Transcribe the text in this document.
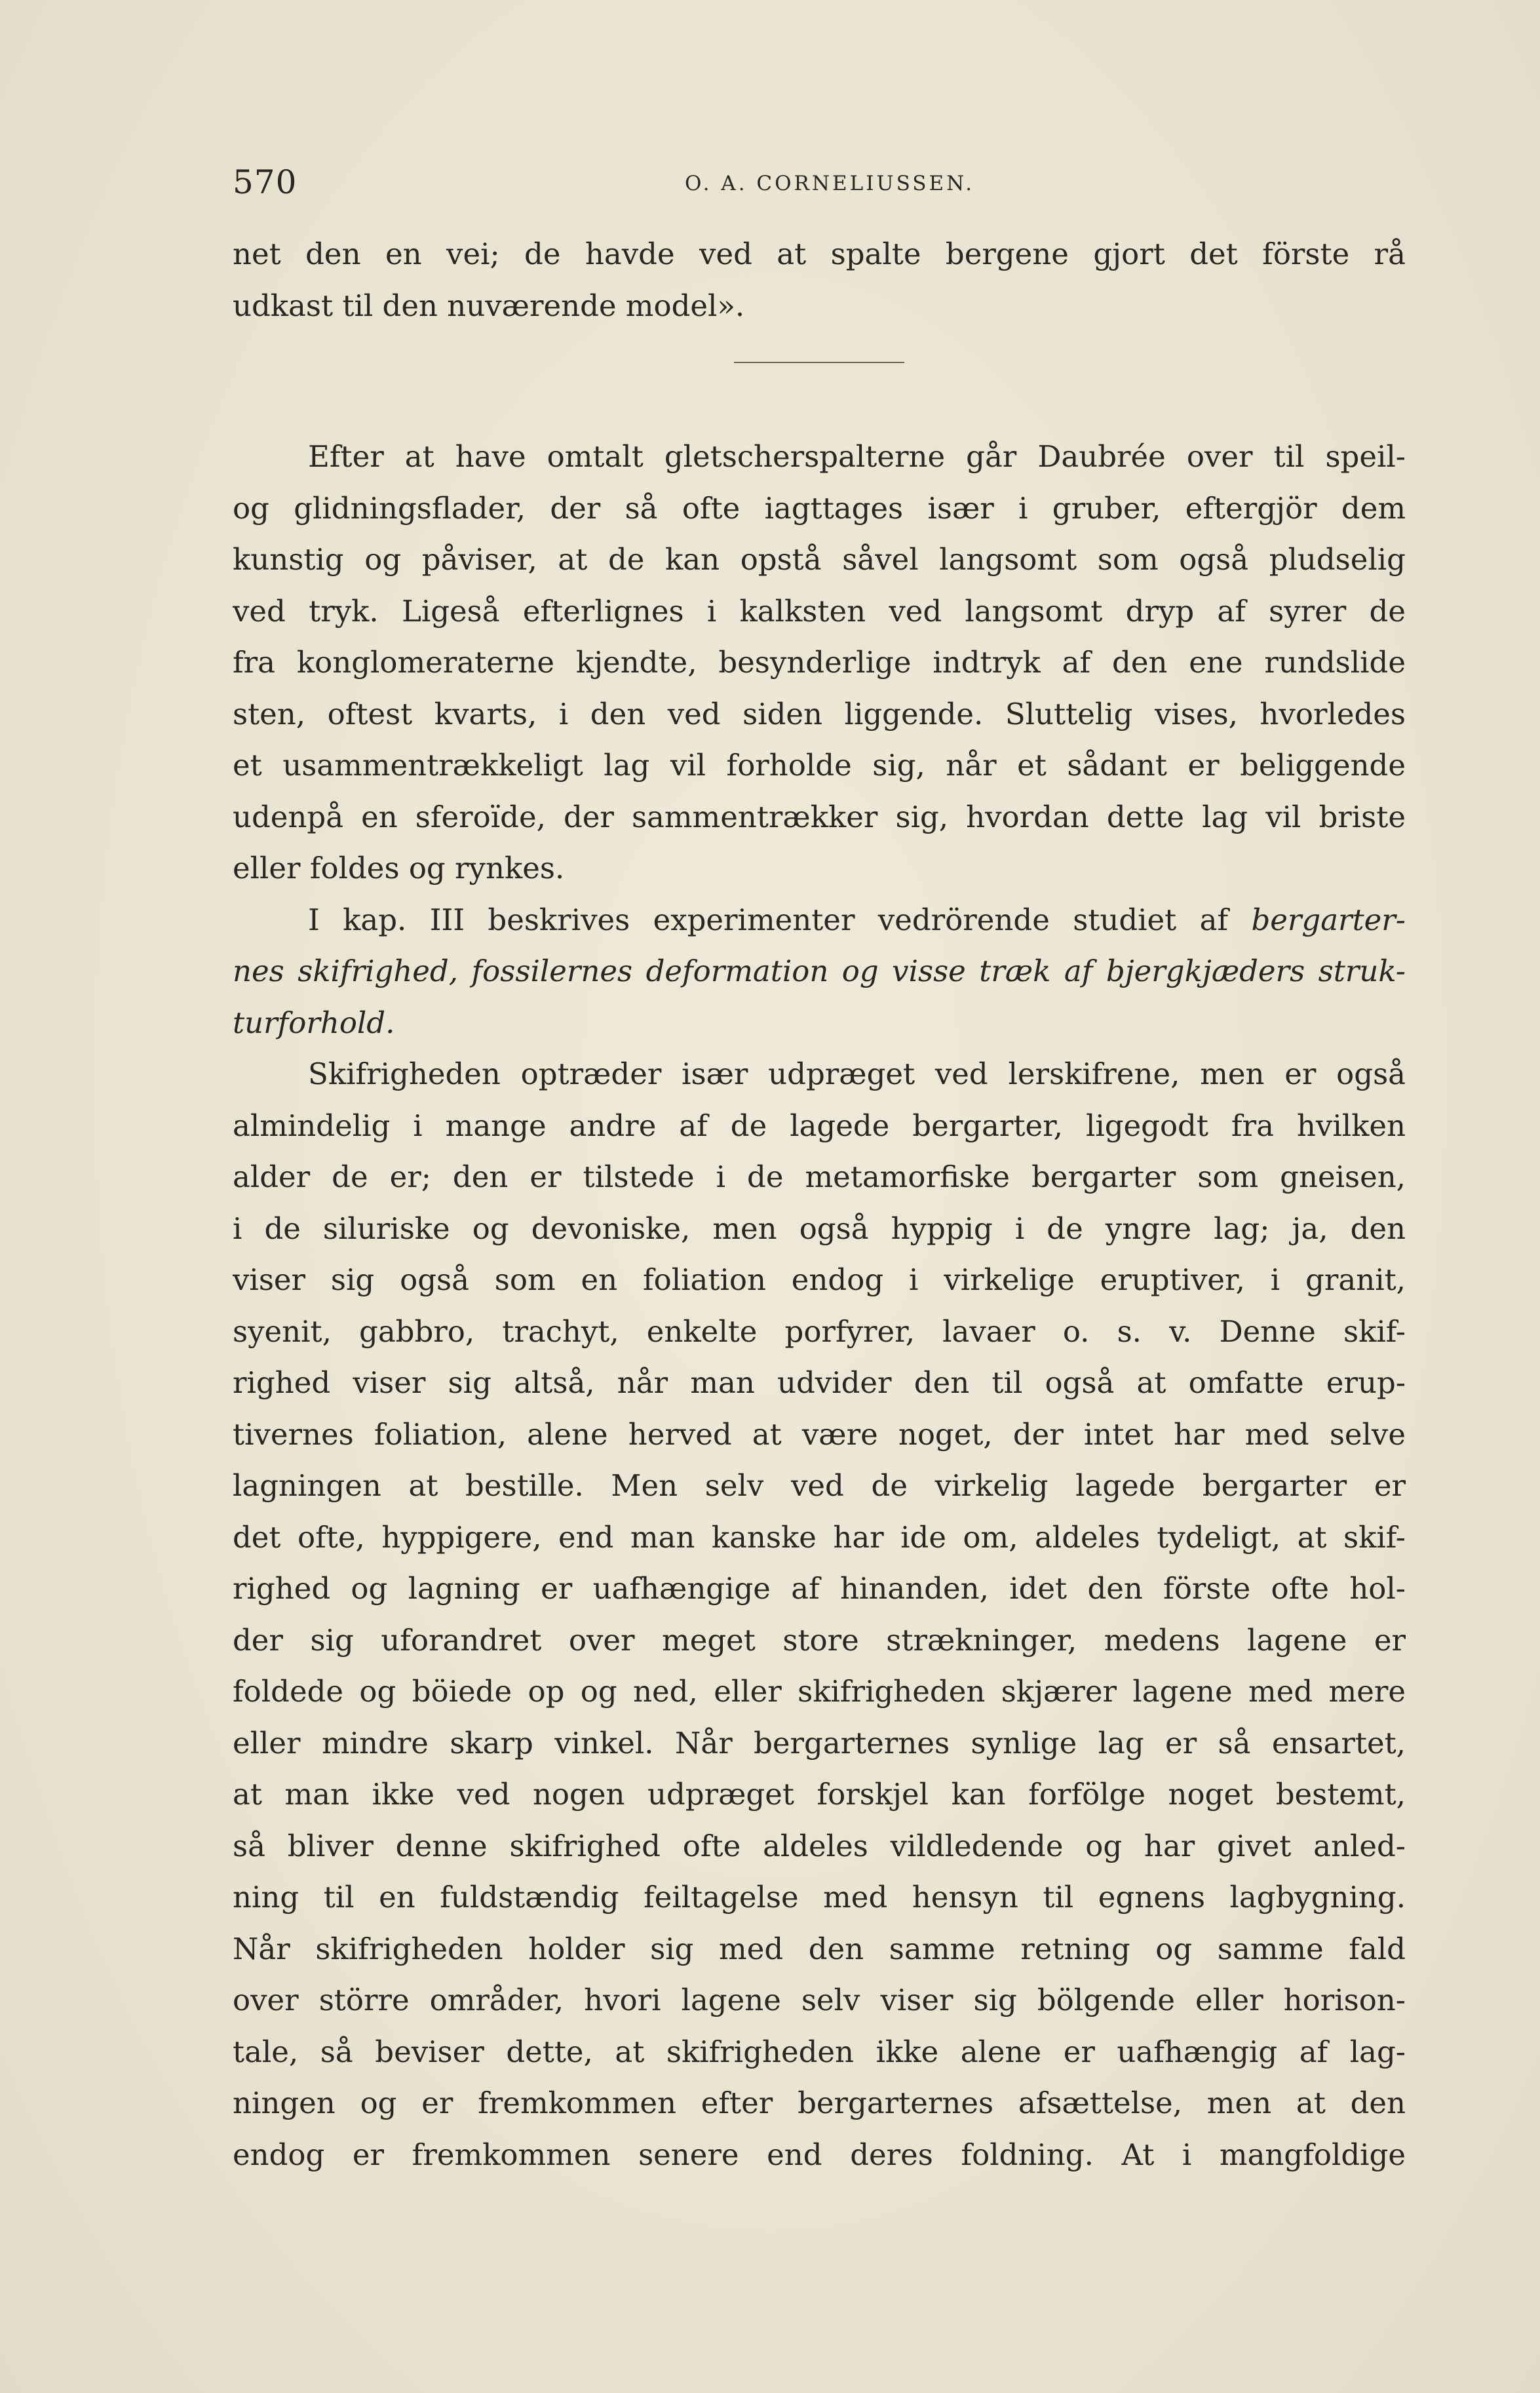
570	O. A. CORNELIUSSEN.
net den en vei; de havde ved at spalte bergene gjort det förste rå
udkast til den nuværende model».
Efter at have omtalt gletscherspalterne går Daubrée over til speil-
og glidningsflader, der så ofte iagttages især i gruber, eftergjör dem
kunstig og påviser, at de kan opstå såvel langsomt som også pludselig
ved tryk. Ligeså efterlignes i kalksten ved langsomt dryp af syrer de
fra konglomeraterne kjendte, besynderlige indtryk af den ene rundslide
sten, oftest kvarts, i den ved siden liggende. Sluttelig vises, hvorledes
et usammentrækkeligt lag vil forholde sig, når et sådant er beliggende
udenpå en sferoïde, der sammentrækker sig, hvordan dette lag vil briste
eller foldes og rynkes.
I kap. III beskrives experimenter vedrörende studiet af bergarter-
nes skifrighed, fossilernes deformation og visse træk af bjergkjæders struk-
turforhold.
Skifrigheden optræder især udpræget ved lerskifrene, men er også
almindelig i mange andre af de lagede bergarter, ligegodt fra hvilken
alder de er; den er tilstede i de metamorfiske bergarter som gneisen,
i de siluriske og devoniske, men også hyppig i de yngre lag; ja, den
viser sig også som en foliation endog i virkelige eruptiver, i granit,
syenit, gabbro, trachyt, enkelte porfyrer, lavaer o. s. v. Denne skif-
righed viser sig altså, når man udvider den til også at omfatte erup-
tivernes foliation, alene herved at være noget, der intet har med selve
lagningen at bestille. Men selv ved de virkelig lagede bergarter er
det ofte, hyppigere, end man kanske har ide om, aldeles tydeligt, at skif-
righed og lagning er uafhængige af hinanden, idet den förste ofte hol-
der sig uforandret over meget store strækninger, medens lagene er
foldede og böiede op og ned, eller skifrigheden skjærer lagene med mere
eller mindre skarp vinkel. Når bergarternes synlige lag er så ensartet,
at man ikke ved nogen udpræget forskjel kan forfölge noget bestemt,
så bliver denne skifrighed ofte aldeles vildledende og har givet anled-
ning til en fuldstændig feiltagelse med hensyn til egnens lagbygning.
Når skifrigheden holder sig med den samme retning og samme fald
over större områder, hvori lagene selv viser sig bölgende eller horison-
tale, så beviser dette, at skifrigheden ikke alene er uafhængig af lag-
ningen og er fremkommen efter bergarternes afsættelse, men at den
endog er fremkommen senere end deres foldning. At i mangfoldige
